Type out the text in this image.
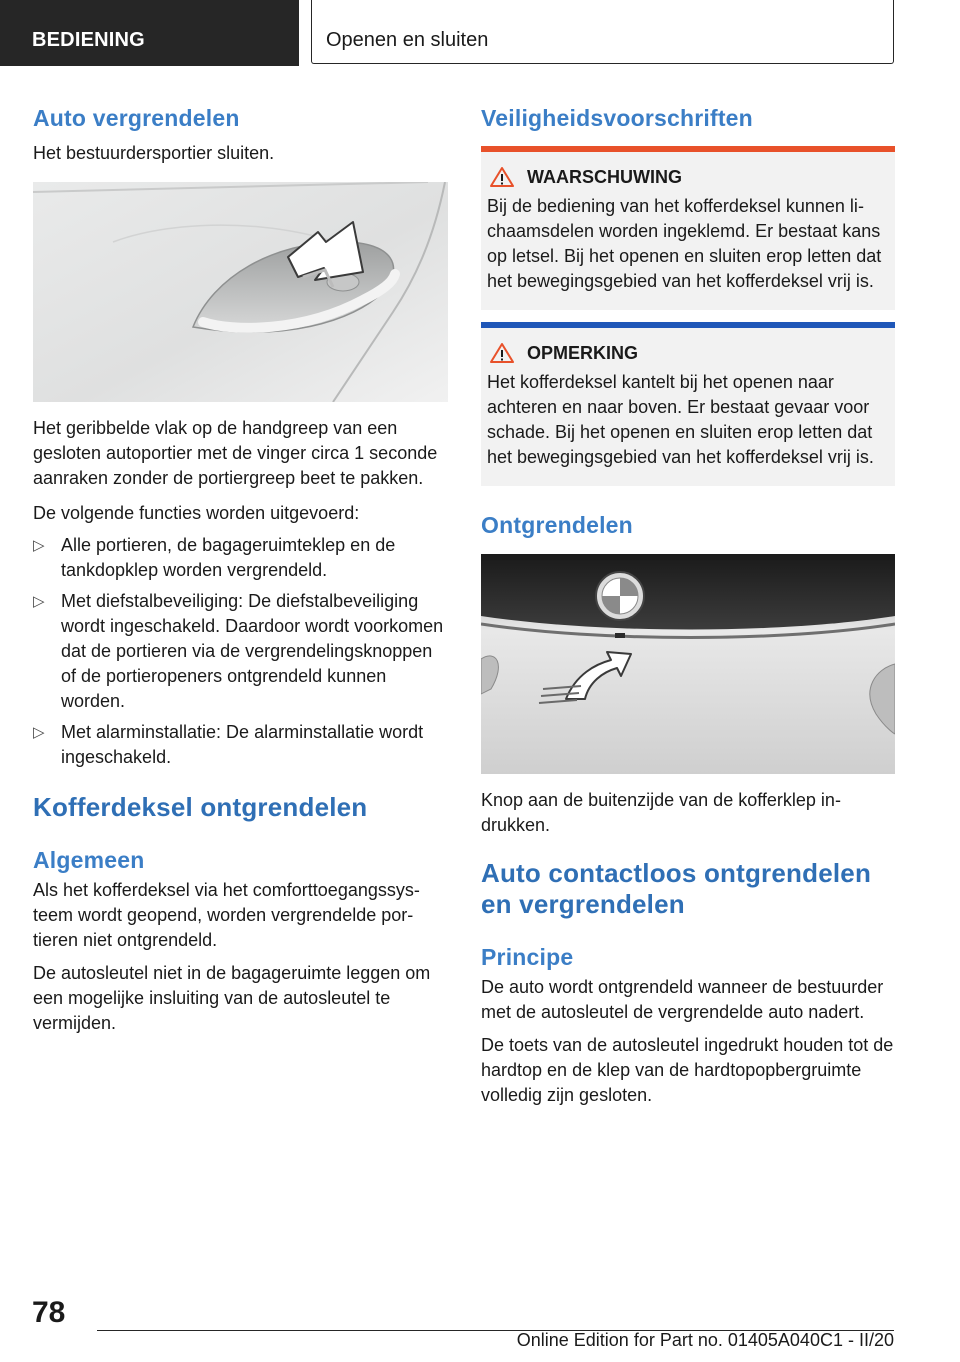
BEDIENING	Openen en sluiten
Auto vergrendelen

Het bestuurdersportier sluiten.

Het geribbelde vlak op de handgreep van een gesloten autoportier met de vinger circa 1 seconde aanraken zonder de portiergreep beet te pakken.

De volgende functies worden uitgevoerd:

▷ Alle portieren, de bagageruimteklep en de tankdopklep worden vergrendeld.
▷ Met diefstalbeveiliging: De diefstalbeveiliging wordt ingeschakeld. Daardoor wordt voorkomen dat de portieren via de vergrendelingsknoppen of de portieropeners ontgrendeld kunnen worden.
▷ Met alarminstallatie: De alarminstallatie wordt ingeschakeld.
Kofferdeksel ontgrendelen
Algemeen

Als het kofferdeksel via het comforttoegangssysteem wordt geopend, worden vergrendelde portieren niet ontgrendeld.

De autosleutel niet in de bagageruimte leggen om een mogelijke insluiting van de autosleutel te vermijden.

Veiligheidsvoorschriften
WAARSCHUWING

Bij de bediening van het kofferdeksel kunnen lichaamsdelen worden ingeklemd. Er bestaat kans op letsel. Bij het openen en sluiten erop letten dat het bewegingsgebied van het kofferdeksel vrij is.

OPMERKING

Het kofferdeksel kantelt bij het openen naar achteren en naar boven. Er bestaat gevaar voor schade. Bij het openen en sluiten erop letten dat het bewegingsgebied van het kofferdeksel vrij is.

Ontgrendelen

Knop aan de buitenzijde van de kofferklep indrukken.

Auto contactloos ontgrendelen en vergrendelen
Principe

De auto wordt ontgrendeld wanneer de bestuurder met de autosleutel de vergrendelde auto nadert.

De toets van de autosleutel ingedrukt houden tot de hardtop en de klep van de hardtopopbergruimte volledig zijn gesloten.

78
Online Edition for Part no. 01405A040C1 - II/20
